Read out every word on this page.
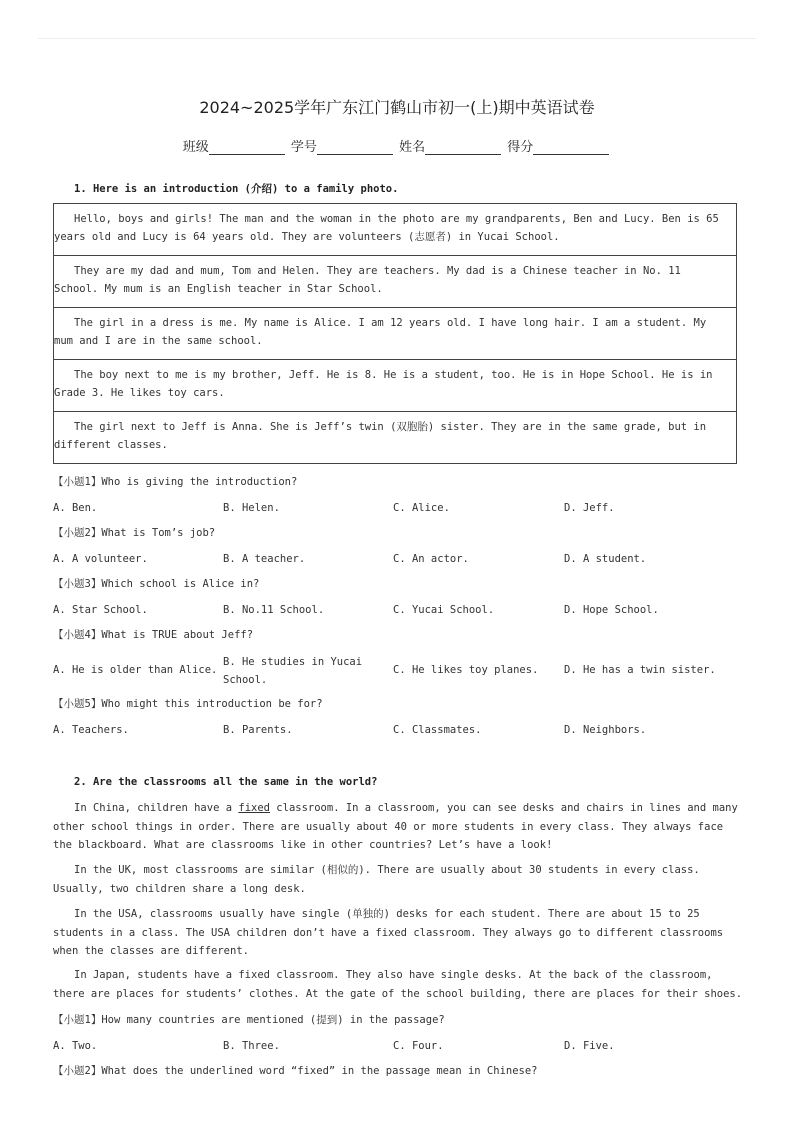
2024~2025学年广东江门鹤山市初一(上)期中英语试卷
班级	学号	姓名	得分
1. Here is an introduction (介绍) to a family photo.
Hello, boys and girls! The man and the woman in the photo are my grandparents, Ben and Lucy. Ben is 65 years old and Lucy is 64 years old. They are volunteers (志愿者) in Yucai School.
They are my dad and mum, Tom and Helen. They are teachers. My dad is a Chinese teacher in No. 11 School. My mum is an English teacher in Star School.
The girl in a dress is me. My name is Alice. I am 12 years old. I have long hair. I am a student. My mum and I are in the same school.
The boy next to me is my brother, Jeff. He is 8. He is a student, too. He is in Hope School. He is in Grade 3. He likes toy cars.
The girl next to Jeff is Anna. She is Jeff’s twin (双胞胎) sister. They are in the same grade, but in different classes.
【小题1】Who is giving the introduction?
A. Ben.	B. Helen.	C. Alice.	D. Jeff.
【小题2】What is Tom’s job?
A. A volunteer.	B. A teacher.	C. An actor.	D. A student.
【小题3】Which school is Alice in?
A. Star School.	B. No.11 School.	C. Yucai School.	D. Hope School.
【小题4】What is TRUE about Jeff?
A. He is older than Alice.
B. He studies in Yucai School.
C. He likes toy planes. D. He has a twin sister.
【小题5】Who might this introduction be for?
A. Teachers.	B. Parents.	C. Classmates.	D. Neighbors.
2. Are the classrooms all the same in the world?
In China, children have a fixed classroom. In a classroom, you can see desks and chairs in lines and many other school things in order. There are usually about 40 or more students in every class. They always face the blackboard. What are classrooms like in other countries? Let’s have a look!
In the UK, most classrooms are similar (相似的). There are usually about 30 students in every class. Usually, two children share a long desk.
In the USA, classrooms usually have single (单独的) desks for each student. There are about 15 to 25 students in a class. The USA children don’t have a fixed classroom. They always go to different classrooms when the classes are different.
In Japan, students have a fixed classroom. They also have single desks. At the back of the classroom, there are places for students’ clothes. At the gate of the school building, there are places for their shoes.
【小题1】How many countries are mentioned (提到) in the passage?
A. Two.	B. Three.	C. Four.	D. Five.
【小题2】What does the underlined word “fixed” in the passage mean in Chinese?
